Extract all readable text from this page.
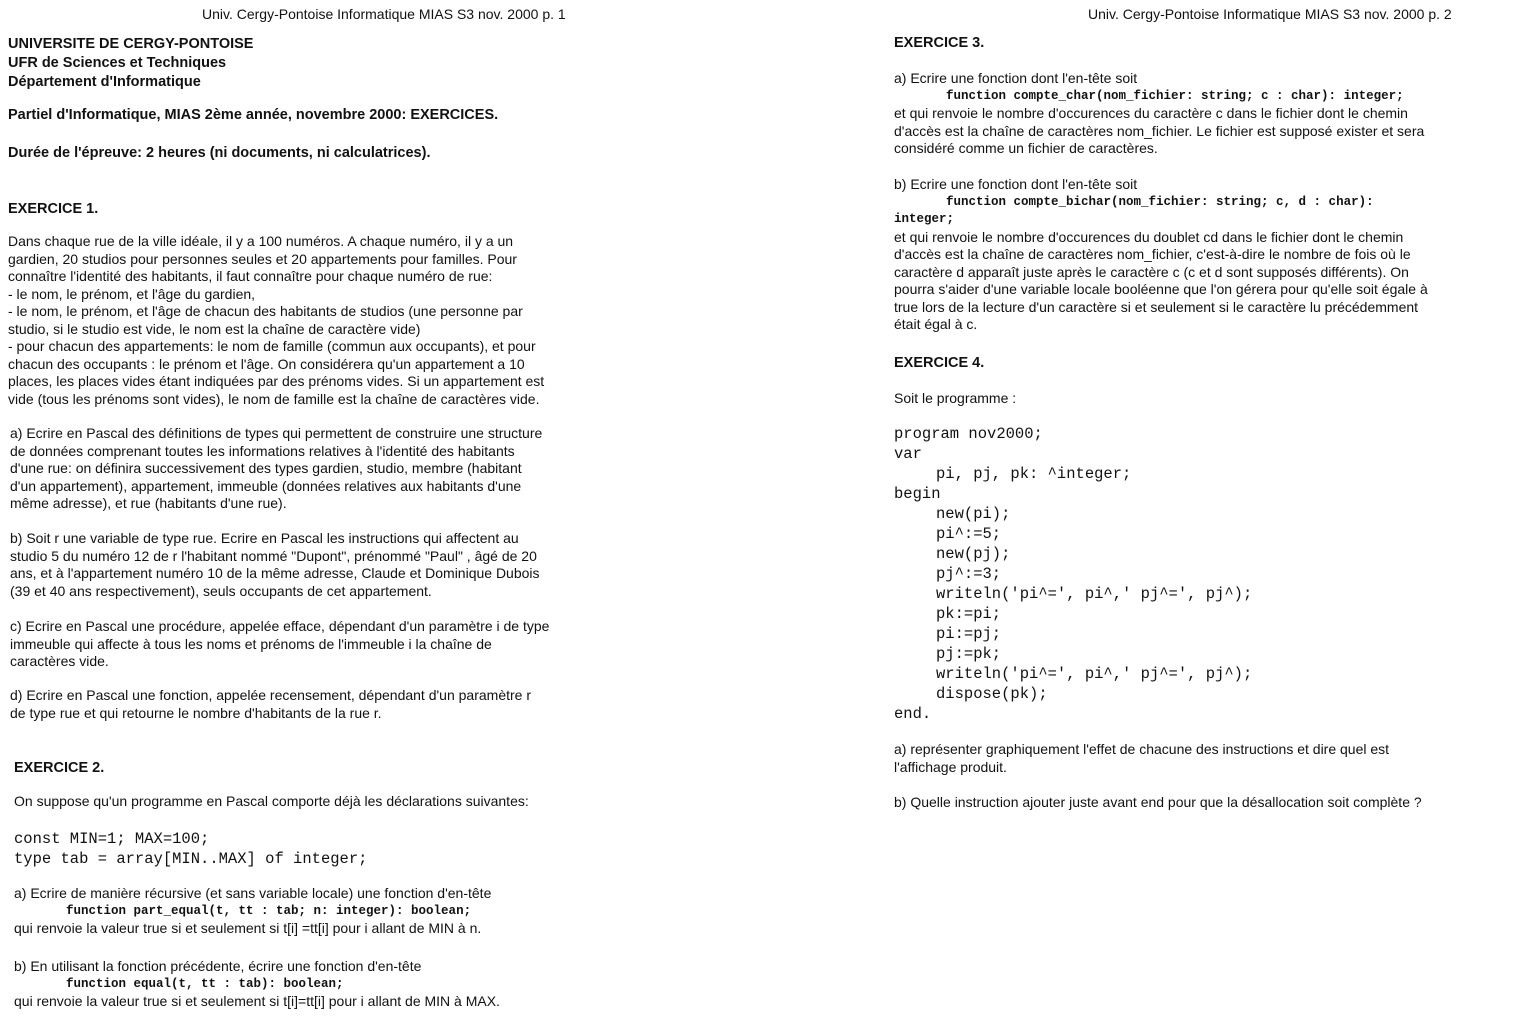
Univ. Cergy-Pontoise Informatique MIAS S3 nov. 2000 p. 1
UNIVERSITE DE CERGY-PONTOISE
UFR de Sciences et Techniques
Département d'Informatique
Partiel d'Informatique, MIAS 2ème année, novembre 2000: EXERCICES.
Durée de l'épreuve: 2 heures (ni documents, ni calculatrices).
EXERCICE 1.
Dans chaque rue de la ville idéale, il y a 100 numéros. A chaque numéro, il y a un
gardien, 20 studios pour personnes seules et 20 appartements pour familles. Pour
connaître l'identité des habitants, il faut connaître pour chaque numéro de rue:
- le nom, le prénom, et l'âge du gardien,
- le nom, le prénom, et l'âge de chacun des habitants de studios (une personne par
studio, si le studio est vide, le nom est la chaîne de caractère vide)
- pour chacun des appartements: le nom de famille (commun aux occupants), et pour
chacun des occupants : le prénom et l'âge. On considérera qu'un appartement a 10
places, les places vides étant indiquées par des prénoms vides. Si un appartement est
vide (tous les prénoms sont vides), le nom de famille est la chaîne de caractères vide.
a) Ecrire en Pascal des définitions de types qui permettent de construire une structure
de données comprenant toutes les informations relatives à l'identité des habitants
d'une rue: on définira successivement des types gardien, studio, membre (habitant
d'un appartement), appartement, immeuble (données relatives aux habitants d'une
même adresse), et rue (habitants d'une rue).
b) Soit r une variable de type rue. Ecrire en Pascal les instructions qui affectent au
studio 5 du numéro 12 de r l'habitant nommé "Dupont", prénommé "Paul" , âgé de 20
ans, et à l'appartement numéro 10 de la même adresse, Claude et Dominique Dubois
(39 et 40 ans respectivement), seuls occupants de cet appartement.
c) Ecrire en Pascal une procédure, appelée efface, dépendant d'un paramètre i de type
immeuble qui affecte à tous les noms et prénoms de l'immeuble i la chaîne de
caractères vide.
d) Ecrire en Pascal une fonction, appelée recensement, dépendant d'un paramètre r
de type rue et qui retourne le nombre d'habitants de la rue r.
EXERCICE 2.
On suppose qu'un programme en Pascal comporte déjà les déclarations suivantes:
const MIN=1; MAX=100;
type tab = array[MIN..MAX] of integer;
a) Ecrire de manière récursive (et sans variable locale) une fonction d'en-tête
function part_equal(t, tt : tab; n: integer): boolean;
qui renvoie la valeur true si et seulement si t[i] =tt[i] pour i allant de MIN à n.
b) En utilisant la fonction précédente, écrire une fonction d'en-tête
function equal(t, tt : tab): boolean;
qui renvoie la valeur true si et seulement si t[i]=tt[i] pour i allant de MIN à MAX.
Univ. Cergy-Pontoise Informatique MIAS S3 nov. 2000 p. 2
EXERCICE 3.
a) Ecrire une fonction dont l'en-tête soit
function compte_char(nom_fichier: string; c : char): integer;
et qui renvoie le nombre d'occurences du caractère c dans le fichier dont le chemin
d'accès est la chaîne de caractères nom_fichier. Le fichier est supposé exister et sera
considéré comme un fichier de caractères.
b) Ecrire une fonction dont l'en-tête soit
function compte_bichar(nom_fichier: string; c, d : char):
integer;
et qui renvoie le nombre d'occurences du doublet cd dans le fichier dont le chemin
d'accès est la chaîne de caractères nom_fichier, c'est-à-dire le nombre de fois où le
caractère d apparaît juste après le caractère c (c et d sont supposés différents). On
pourra s'aider d'une variable locale booléenne que l'on gérera pour qu'elle soit égale à
true lors de la lecture d'un caractère si et seulement si le caractère lu précédemment
était égal à c.
EXERCICE 4.
Soit le programme :
program nov2000;
var
pi, pj, pk: ^integer;
begin
new(pi);
pi^:=5;
new(pj);
pj^:=3;
writeln('pi^=', pi^,' pj^=', pj^);
pk:=pi;
pi:=pj;
pj:=pk;
writeln('pi^=', pi^,' pj^=', pj^);
dispose(pk);
end.
a) représenter graphiquement l'effet de chacune des instructions et dire quel est
l'affichage produit.
b) Quelle instruction ajouter juste avant end pour que la désallocation soit complète ?
